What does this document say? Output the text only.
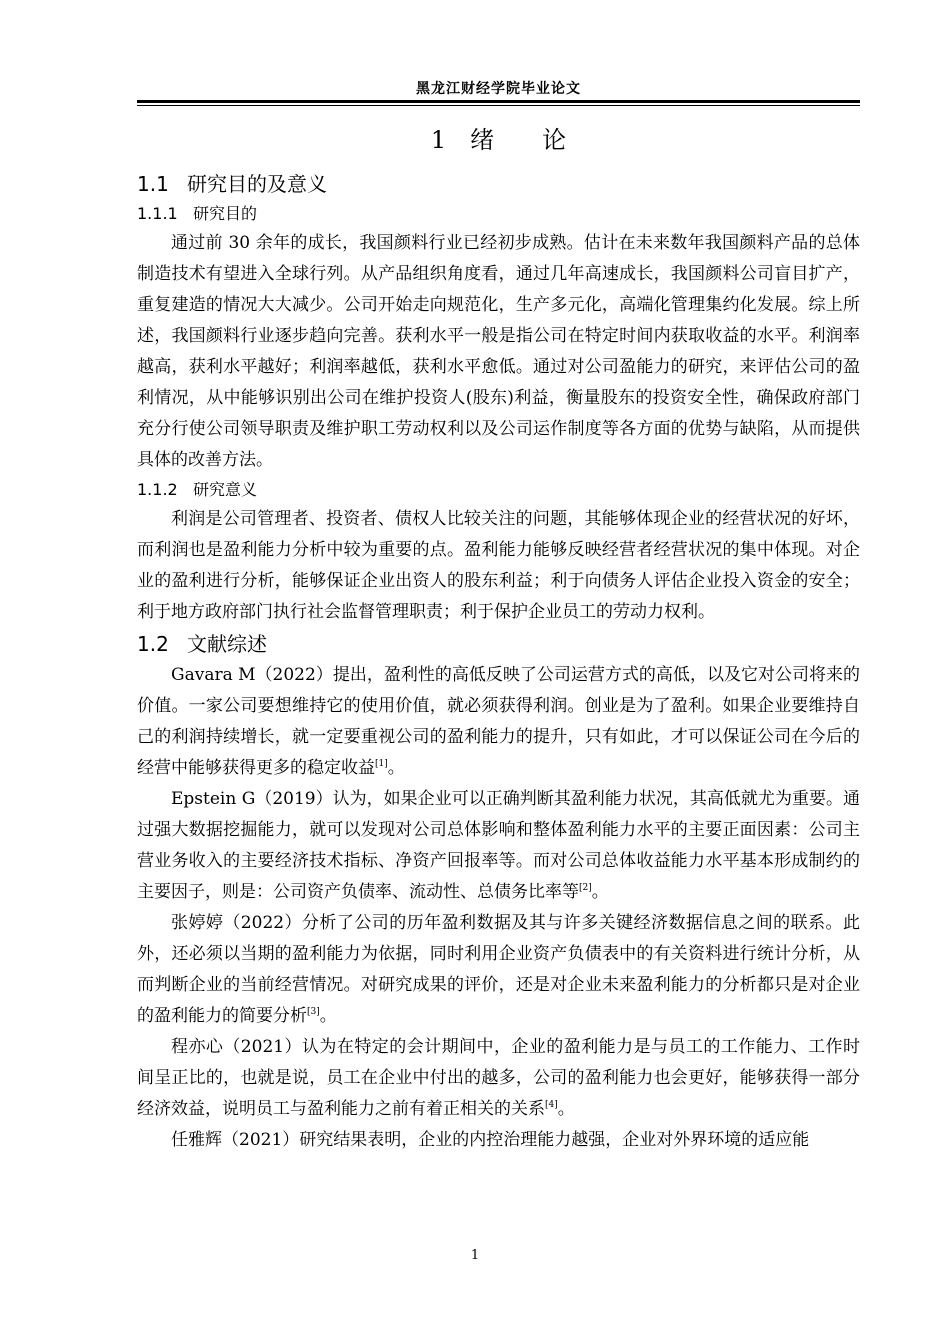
黑龙江财经学院毕业论文
1 绪 论
1.1 研究目的及意义
1.1.1 研究目的

通过前 30 余年的成长，我国颜料行业已经初步成熟。估计在未来数年我国颜料产品的总体制造技术有望进入全球行列。从产品组织角度看，通过几年高速成长，我国颜料公司盲目扩产，重复建造的情况大大减少。公司开始走向规范化，生产多元化，高端化管理集约化发展。综上所述，我国颜料行业逐步趋向完善。获利水平一般是指公司在特定时间内获取收益的水平。利润率越高，获利水平越好；利润率越低，获利水平愈低。通过对公司盈能力的研究，来评估公司的盈利情况，从中能够识别出公司在维护投资人(股东)利益，衡量股东的投资安全性，确保政府部门充分行使公司领导职责及维护职工劳动权利以及公司运作制度等各方面的优势与缺陷，从而提供具体的改善方法。

1.1.2 研究意义

利润是公司管理者、投资者、债权人比较关注的问题，其能够体现企业的经营状况的好坏，而利润也是盈利能力分析中较为重要的点。盈利能力能够反映经营者经营状况的集中体现。对企业的盈利进行分析，能够保证企业出资人的股东利益；利于向债务人评估企业投入资金的安全；利于地方政府部门执行社会监督管理职责；利于保护企业员工的劳动力权利。

1.2 文献综述

Gavara M（2022）提出，盈利性的高低反映了公司运营方式的高低，以及它对公司将来的价值。一家公司要想维持它的使用价值，就必须获得利润。创业是为了盈利。如果企业要维持自己的利润持续增长，就一定要重视公司的盈利能力的提升，只有如此，才可以保证公司在今后的经营中能够获得更多的稳定收益[1]。

Epstein G（2019）认为，如果企业可以正确判断其盈利能力状况，其高低就尤为重要。通过强大数据挖掘能力，就可以发现对公司总体影响和整体盈利能力水平的主要正面因素：公司主营业务收入的主要经济技术指标、净资产回报率等。而对公司总体收益能力水平基本形成制约的主要因子，则是：公司资产负债率、流动性、总债务比率等[2]。

张婷婷（2022）分析了公司的历年盈利数据及其与许多关键经济数据信息之间的联系。此外，还必须以当期的盈利能力为依据，同时利用企业资产负债表中的有关资料进行统计分析，从而判断企业的当前经营情况。对研究成果的评价，还是对企业未来盈利能力的分析都只是对企业的盈利能力的简要分析[3]。

程亦心（2021）认为在特定的会计期间中，企业的盈利能力是与员工的工作能力、工作时间呈正比的，也就是说，员工在企业中付出的越多，公司的盈利能力也会更好，能够获得一部分经济效益，说明员工与盈利能力之前有着正相关的关系[4]。

任雅辉（2021）研究结果表明，企业的内控治理能力越强，企业对外界环境的适应能

1
